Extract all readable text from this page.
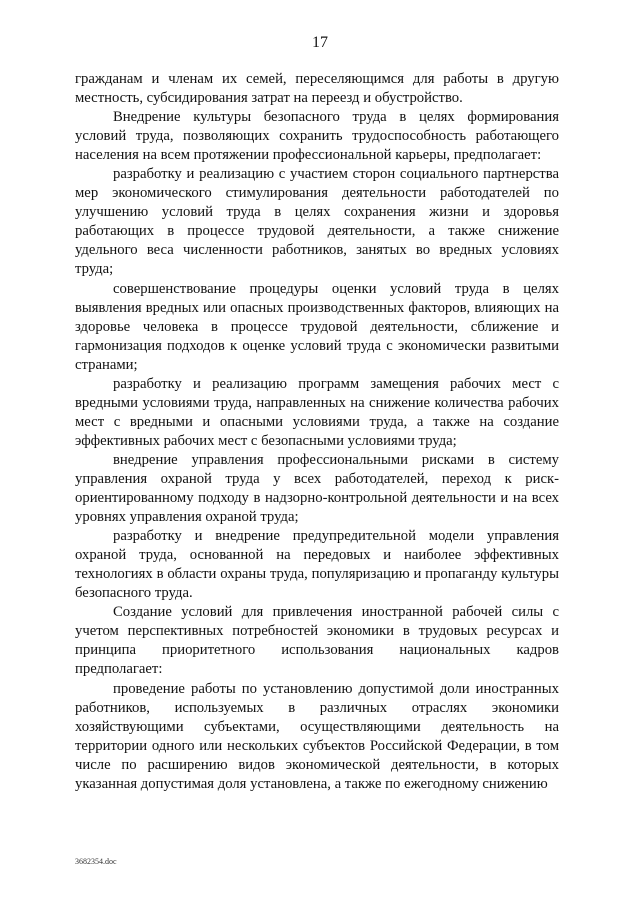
17

гражданам и членам их семей, переселяющимся для работы в другую местность, субсидирования затрат на переезд и обустройство.

Внедрение культуры безопасного труда в целях формирования условий труда, позволяющих сохранить трудоспособность работающего населения на всем протяжении профессиональной карьеры, предполагает:

разработку и реализацию с участием сторон социального партнерства мер экономического стимулирования деятельности работодателей по улучшению условий труда в целях сохранения жизни и здоровья работающих в процессе трудовой деятельности, а также снижение удельного веса численности работников, занятых во вредных условиях труда;

совершенствование процедуры оценки условий труда в целях выявления вредных или опасных производственных факторов, влияющих на здоровье человека в процессе трудовой деятельности, сближение и гармонизация подходов к оценке условий труда с экономически развитыми странами;

разработку и реализацию программ замещения рабочих мест с вредными условиями труда, направленных на снижение количества рабочих мест с вредными и опасными условиями труда, а также на создание эффективных рабочих мест с безопасными условиями труда;

внедрение управления профессиональными рисками в систему управления охраной труда у всех работодателей, переход к риск-ориентированному подходу в надзорно-контрольной деятельности и на всех уровнях управления охраной труда;

разработку и внедрение предупредительной модели управления охраной труда, основанной на передовых и наиболее эффективных технологиях в области охраны труда, популяризацию и пропаганду культуры безопасного труда.

Создание условий для привлечения иностранной рабочей силы с учетом перспективных потребностей экономики в трудовых ресурсах и принципа приоритетного использования национальных кадров предполагает:

проведение работы по установлению допустимой доли иностранных работников, используемых в различных отраслях экономики хозяйствующими субъектами, осуществляющими деятельность на территории одного или нескольких субъектов Российской Федерации, в том числе по расширению видов экономической деятельности, в которых указанная допустимая доля установлена, а также по ежегодному снижению

3682354.doc
